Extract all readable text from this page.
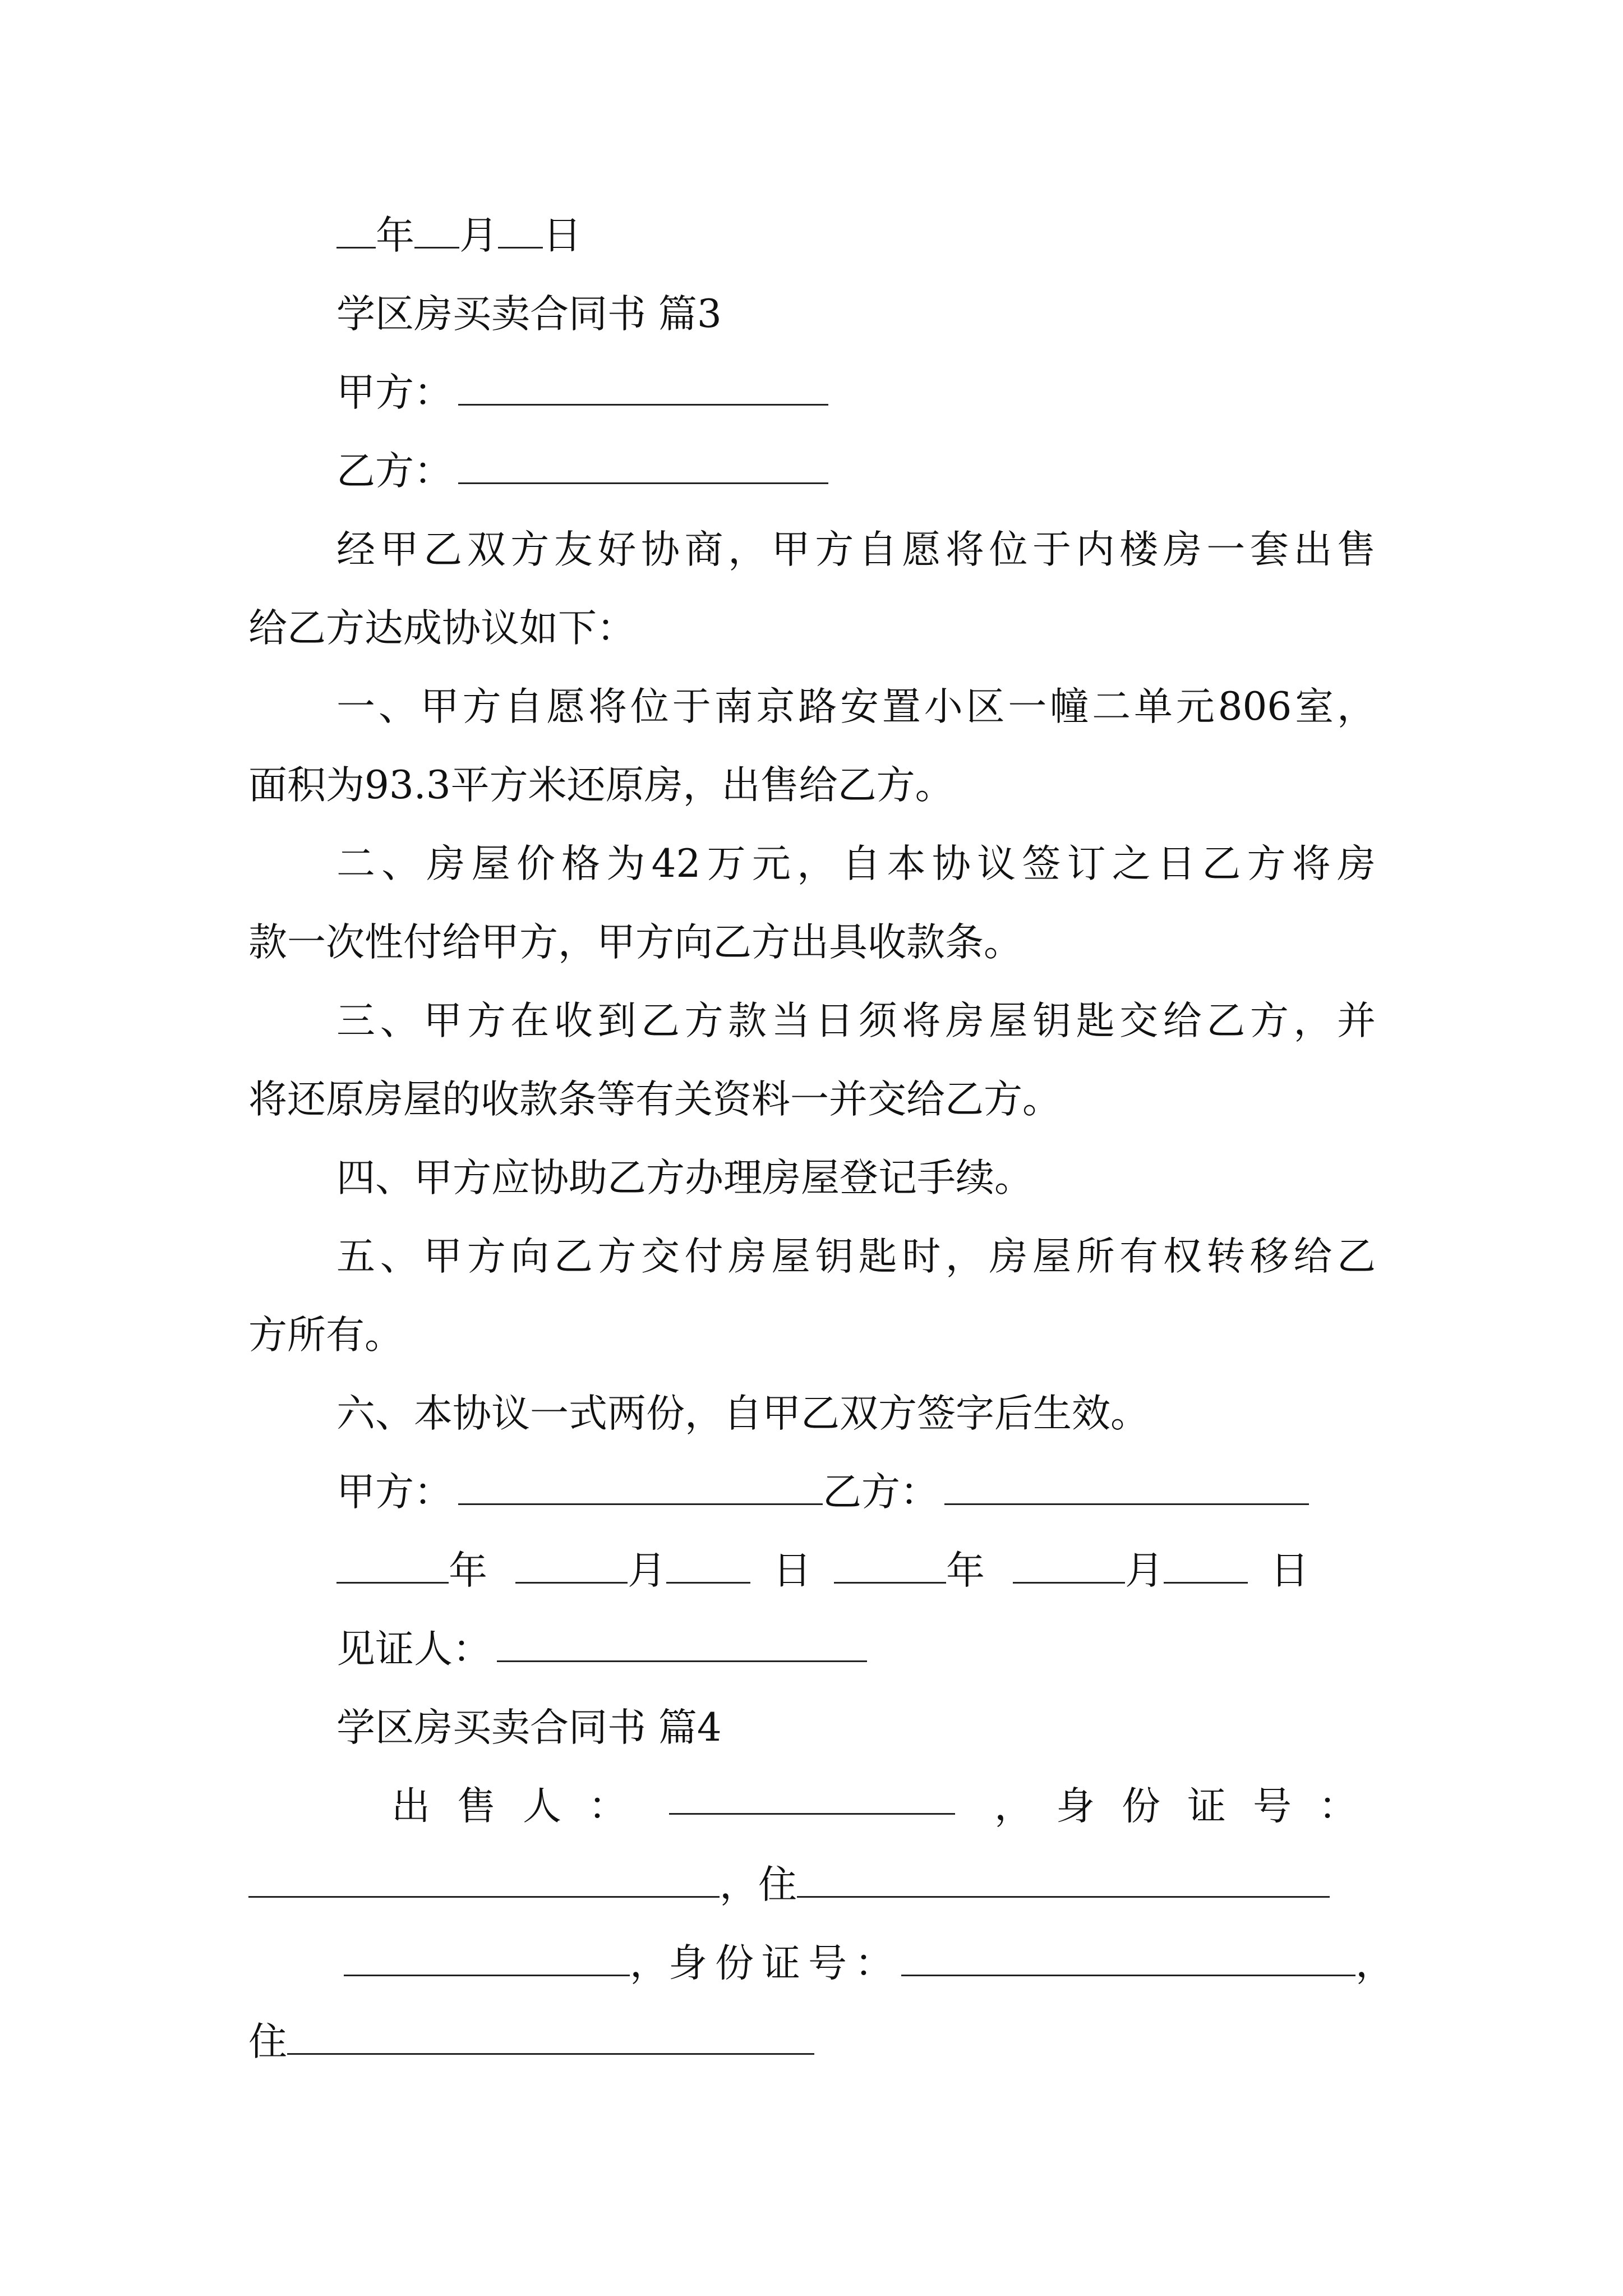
年 月 日
学区房买卖合同书 篇3
甲方：
乙方：
经甲乙双方友好协商，甲方自愿将位于内楼房一套出售
给乙方达成协议如下：
一、甲方自愿将位于南京路安置小区一幢二单元806室，
面积为93.3平方米还原房，出售给乙方。
二、房屋价格为42万元，自本协议签订之日乙方将房
款一次性付给甲方，甲方向乙方出具收款条。
三、甲方在收到乙方款当日须将房屋钥匙交给乙方，并
将还原房屋的收款条等有关资料一并交给乙方。
四、甲方应协助乙方办理房屋登记手续。
五、甲方向乙方交付房屋钥匙时，房屋所有权转移给乙
方所有。
六、本协议一式两份，自甲乙双方签字后生效。
甲方：	乙方：
年	月	日	年	月	日
见证人：
学区房买卖合同书 篇4
出售人：	， 身份证号：
，住
，身份证号：	，
住
